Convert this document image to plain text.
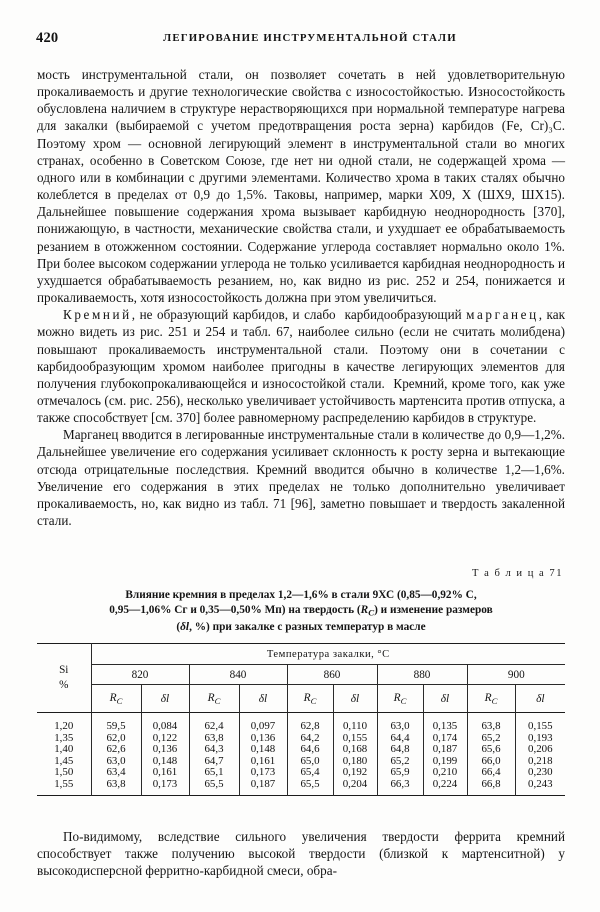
420	ЛЕГИРОВАНИЕ ИНСТРУМЕНТАЛЬНОЙ СТАЛИ

мость инструментальной стали, он позволяет сочетать в ней удовлетворительную прокаливаемость и другие технологические свойства с износостойкостью. Износостойкость обусловлена наличием в структуре нерастворяющихся при нормальной температуре нагрева для закалки (выбираемой с учетом предотвращения роста зерна) карбидов (Fe, Cr)₃C. Поэтому хром — основной легирующий элемент в инструментальной стали во многих странах, особенно в Советском Союзе, где нет ни одной стали, не содержащей хрома — одного или в комбинации с другими элементами. Количество хрома в таких сталях обычно колеблется в пределах от 0,9 до 1,5%. Таковы, например, марки Х09, Х (ШХ9, ШХ15). Дальнейшее повышение содержания хрома вызывает карбидную неоднородность [370], понижающую, в частности, механические свойства стали, и ухудшает ее обрабатываемость резанием в отожженном состоянии. Содержание углерода составляет нормально около 1%. При более высоком содержании углерода не только усиливается карбидная неоднородность и ухудшается обрабатываемость резанием, но, как видно из рис. 252 и 254, понижается и прокаливаемость, хотя износостойкость должна при этом увеличиться.

Кремний, не образующий карбидов, и слабо  карбидообразующий марганец, как можно видеть из рис. 251 и 254 и табл. 67, наиболее сильно (если не считать молибдена) повышают прокаливаемость инструментальной стали. Поэтому они в сочетании с карбидообразующим хромом наиболее пригодны в качестве легирующих элементов для получения глубокопрокаливающейся и износостойкой стали.  Кремний, кроме того, как уже отмечалось (см. рис. 256), несколько увеличивает устойчивость мартенсита против отпуска, а также способствует [см. 370] более равномерному распределению карбидов в структуре.

Марганец вводится в легированные инструментальные стали в количестве до 0,9—1,2%. Дальнейшее увеличение его содержания усиливает склонность к росту зерна и вытекающие отсюда отрицательные последствия. Кремний вводится обычно в количестве 1,2—1,6%. Увеличение его содержания в этих пределах не только дополнительно увеличивает прокаливаемость, но, как видно из табл. 71 [96], заметно повышает и твердость закаленной стали.

Т а б л и ц а 71
Влияние кремния в пределах 1,2—1,6% в стали 9ХС (0,85—0,92% С,
0,95—1,06% Сг и 0,35—0,50% Мп) на твердость $(R_C)$ и изменение размеров
(δl, %) при закалке с разных температур в масле
Si
%	Температура закалки, °С									
	820		840		860		880		900	
	$R_C$	δl	$R_C$	δl	$R_C$	δl	$R_C$	δl	$R_C$	δl

1,20	59,5	0,084	62,4	0,097	62,8	0,110	63,0	0,135	63,8	0,155
1,35	62,0	0,122	63,8	0,136	64,2	0,155	64,4	0,174	65,2	0,193
1,40	62,6	0,136	64,3	0,148	64,6	0,168	64,8	0,187	65,6	0,206
1,45	63,0	0,148	64,7	0,161	65,0	0,180	65,2	0,199	66,0	0,218
1,50	63,4	0,161	65,1	0,173	65,4	0,192	65,9	0,210	66,4	0,230
1,55	63,8	0,173	65,5	0,187	65,5	0,204	66,3	0,224	66,8	0,243

По-видимому, вследствие сильного увеличения твердости феррита кремний способствует также получению высокой твердости (близкой к мартенситной) у высокодисперсной ферритно-карбидной смеси, обра-
